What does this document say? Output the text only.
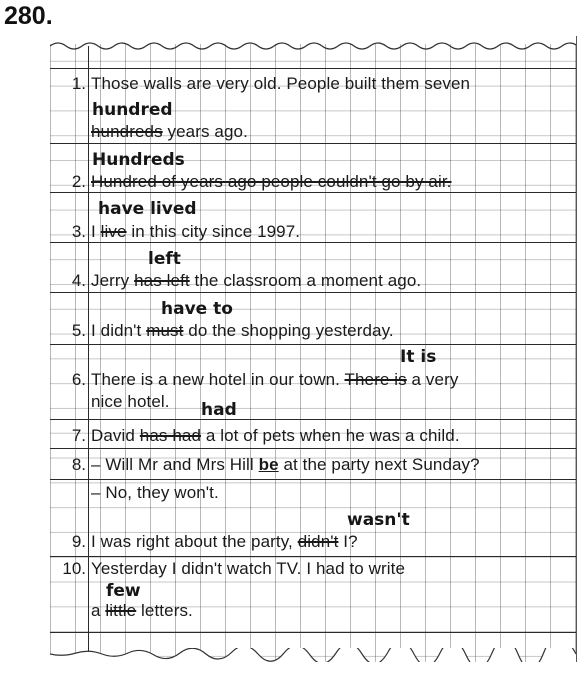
280.
1. Those walls are very old. People built them seven
hundred
hundreds years ago.
Hundreds
2. Hundred of years ago people couldn't go by air.
have lived
3. I live in this city since 1997.
left
4. Jerry has left the classroom a moment ago.
have to
5. I didn't must do the shopping yesterday.
It is
6. There is a new hotel in our town. There is a very
nice hotel. had
7. David has had a lot of pets when he was a child.
8. – Will Mr and Mrs Hill be at the party next Sunday?
– No, they won't.
wasn't
9. I was right about the party, didn't I?
10. Yesterday I didn't watch TV. I had to write
few
a little letters.
